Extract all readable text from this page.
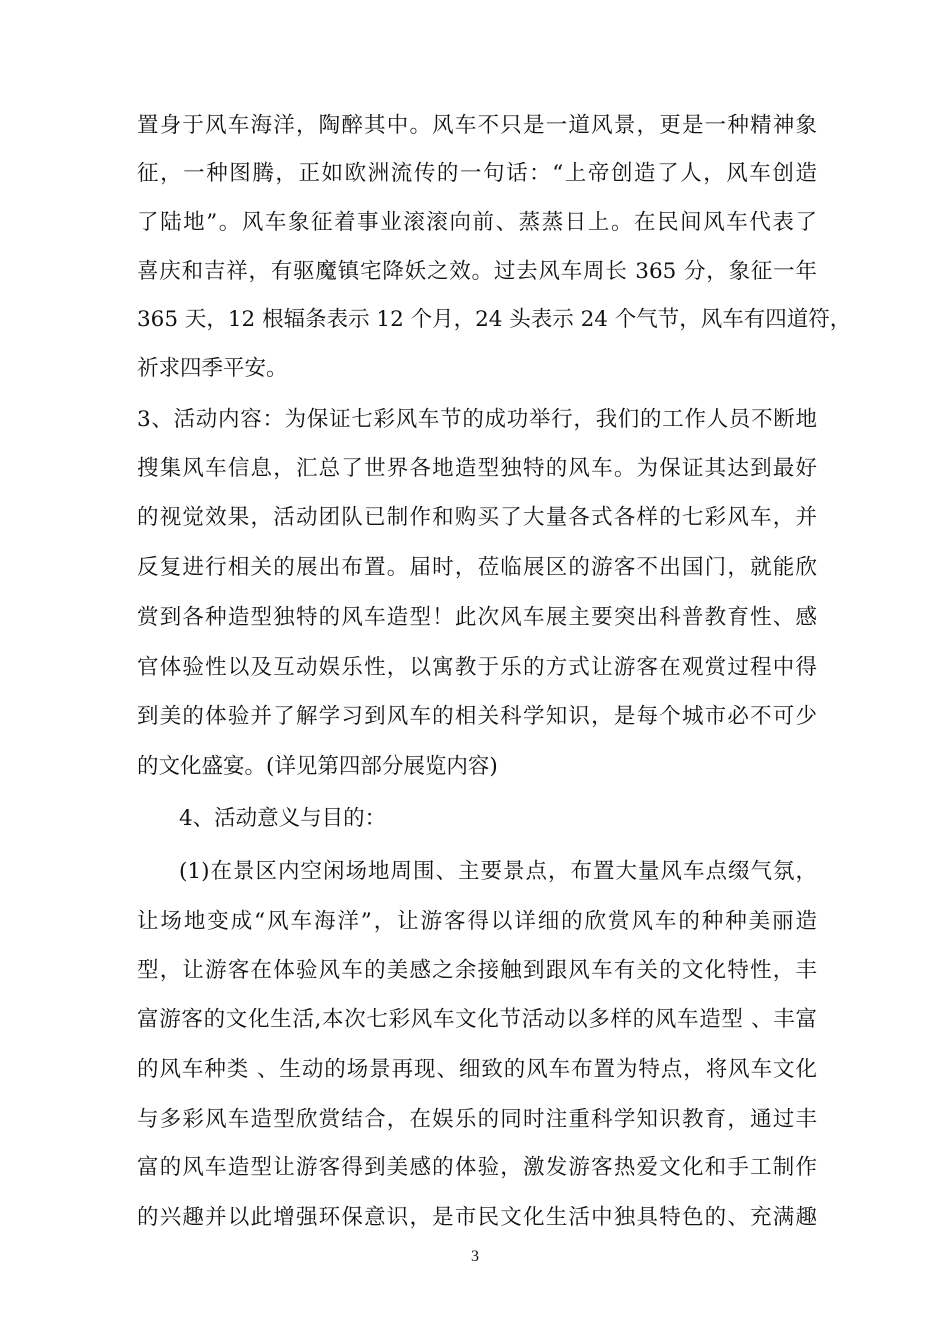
置身于风车海洋，陶醉其中。风车不只是一道风景，更是一种精神象
征，一种图腾，正如欧洲流传的一句话：“上帝创造了人，风车创造
了陆地”。风车象征着事业滚滚向前、蒸蒸日上。在民间风车代表了
喜庆和吉祥，有驱魔镇宅降妖之效。过去风车周长 365 分，象征一年
365 天，12 根辐条表示 12 个月，24 头表示 24 个气节，风车有四道符，
祈求四季平安。
3、活动内容：为保证七彩风车节的成功举行，我们的工作人员不断地
搜集风车信息，汇总了世界各地造型独特的风车。为保证其达到最好
的视觉效果，活动团队已制作和购买了大量各式各样的七彩风车，并
反复进行相关的展出布置。届时，莅临展区的游客不出国门，就能欣
赏到各种造型独特的风车造型！此次风车展主要突出科普教育性、感
官体验性以及互动娱乐性，以寓教于乐的方式让游客在观赏过程中得
到美的体验并了解学习到风车的相关科学知识，是每个城市必不可少
的文化盛宴。(详见第四部分展览内容)
4、活动意义与目的：
(1)在景区内空闲场地周围、主要景点，布置大量风车点缀气氛，
让场地变成“风车海洋”，让游客得以详细的欣赏风车的种种美丽造
型，让游客在体验风车的美感之余接触到跟风车有关的文化特性，丰
富游客的文化生活,本次七彩风车文化节活动以多样的风车造型 、丰富
的风车种类 、生动的场景再现、细致的风车布置为特点，将风车文化
与多彩风车造型欣赏结合，在娱乐的同时注重科学知识教育，通过丰
富的风车造型让游客得到美感的体验，激发游客热爱文化和手工制作
的兴趣并以此增强环保意识，是市民文化生活中独具特色的、充满趣
3
